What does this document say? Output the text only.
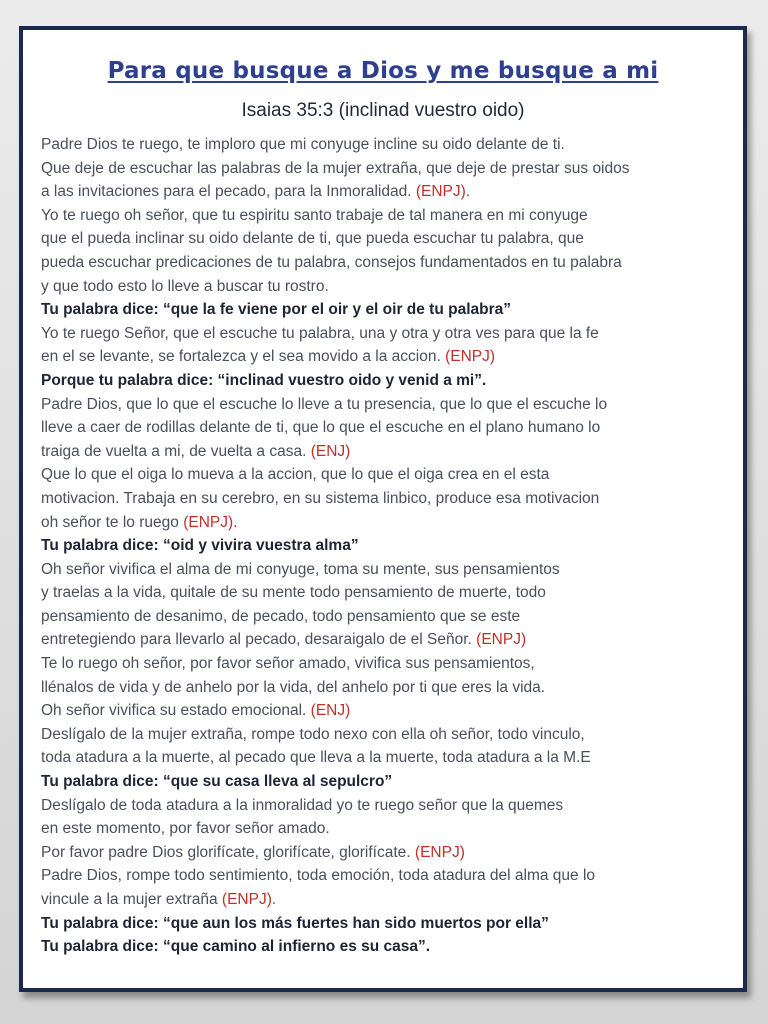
Para que busque a Dios y me busque a mi
Isaias 35:3 (inclinad vuestro oido)
Padre Dios te ruego, te imploro que mi conyuge incline su oido delante de ti.
Que deje de escuchar las palabras de la mujer extraña, que deje de prestar sus oidos
a las invitaciones para el pecado, para la Inmoralidad. (ENPJ).
Yo te ruego oh señor, que tu espiritu santo trabaje de tal manera en mi conyuge
que el pueda inclinar su oido delante de ti, que pueda escuchar tu palabra, que
pueda escuchar predicaciones de tu palabra, consejos fundamentados en tu palabra
y que todo esto lo lleve a buscar tu rostro.
Tu palabra dice: “que la fe viene por el oir y el oir de tu palabra”
Yo te ruego Señor, que el escuche tu palabra, una y otra y otra ves para que la fe
en el se levante, se fortalezca y el sea movido a la accion. (ENPJ)
Porque tu palabra dice: “inclinad vuestro oido y venid a mi”.
Padre Dios, que lo que el escuche lo lleve a tu presencia, que lo que el escuche lo
lleve a caer de rodillas delante de ti, que lo que el escuche en el plano humano lo
traiga de vuelta a mi, de vuelta a casa. (ENJ)
Que lo que el oiga lo mueva a la accion, que lo que el oiga crea en el esta
motivacion. Trabaja en su cerebro, en su sistema linbico, produce esa motivacion
oh señor te lo ruego (ENPJ).
Tu palabra dice: “oid y vivira vuestra alma”
Oh señor vivifica el alma de mi conyuge, toma su mente, sus pensamientos
y traelas a la vida, quitale de su mente todo pensamiento de muerte, todo
pensamiento de desanimo, de pecado, todo pensamiento que se este
entretegiendo para llevarlo al pecado, desaraigalo de el Señor. (ENPJ)
Te lo ruego oh señor, por favor señor amado, vivifica sus pensamientos,
llénalos de vida y de anhelo por la vida, del anhelo por ti que eres la vida.
Oh señor vivifica su estado emocional. (ENJ)
Deslígalo de la mujer extraña, rompe todo nexo con ella oh señor, todo vinculo,
toda atadura a la muerte, al pecado que lleva a la muerte, toda atadura a la M.E
Tu palabra dice: “que su casa lleva al sepulcro”
Deslígalo de toda atadura a la inmoralidad yo te ruego señor que la quemes
en este momento, por favor señor amado.
Por favor padre Dios glorifícate, glorifícate, glorifícate. (ENPJ)
Padre Dios, rompe todo sentimiento, toda emoción, toda atadura del alma que lo
vincule a la mujer extraña (ENPJ).
Tu palabra dice: “que aun los más fuertes han sido muertos por ella”
Tu palabra dice: “que camino al infierno es su casa”.
